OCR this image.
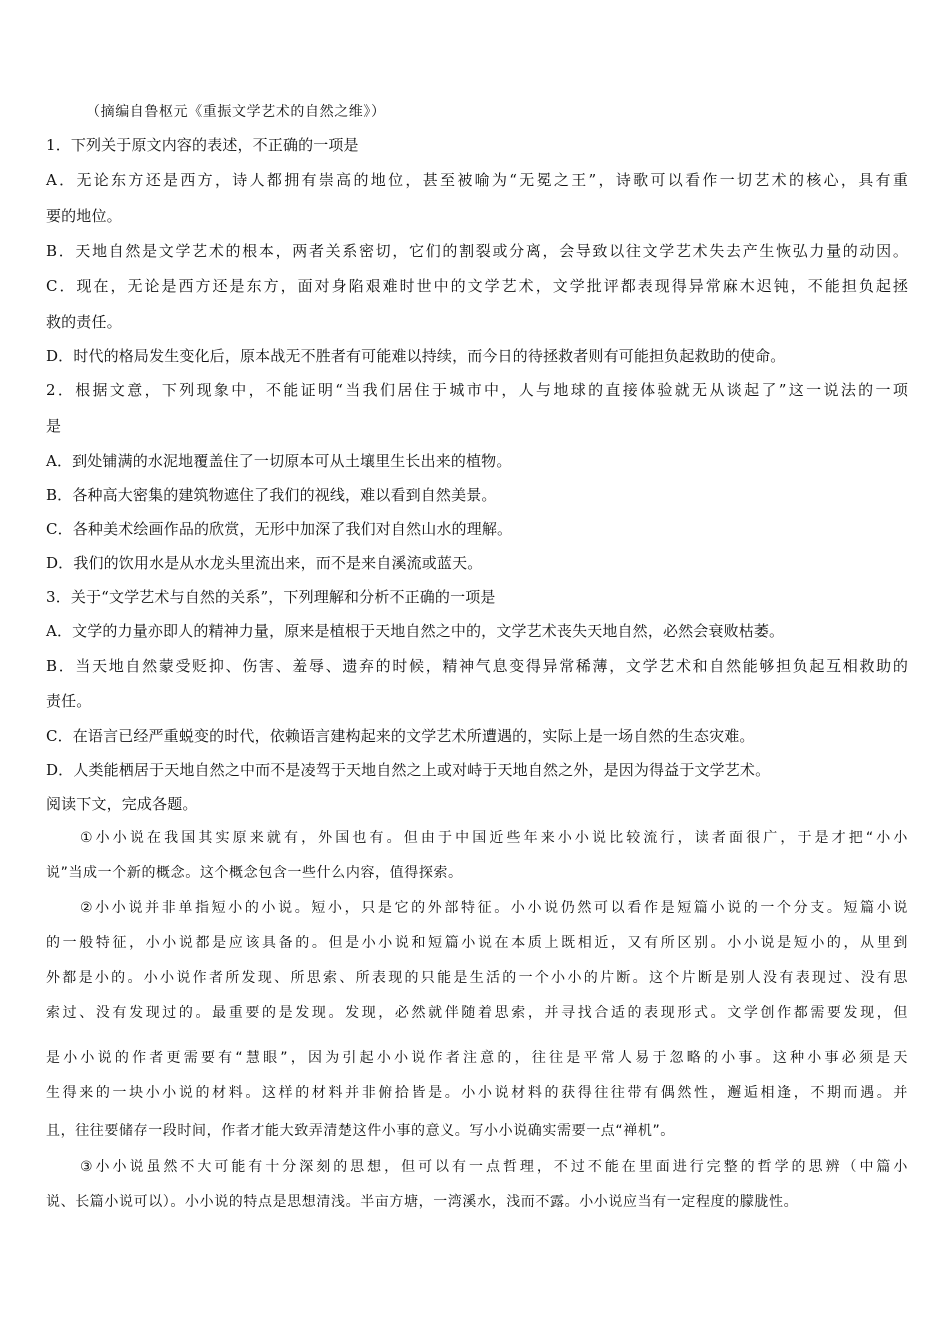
（摘编自鲁枢元《重振文学艺术的自然之维》）
1．下列关于原文内容的表述，不正确的一项是
A．无论东方还是西方，诗人都拥有崇高的地位，甚至被喻为“无冕之王”，诗歌可以看作一切艺术的核心，具有重
要的地位。
B．天地自然是文学艺术的根本，两者关系密切，它们的割裂或分离，会导致以往文学艺术失去产生恢弘力量的动因。
C．现在，无论是西方还是东方，面对身陷艰难时世中的文学艺术，文学批评都表现得异常麻木迟钝，不能担负起拯
救的责任。
D．时代的格局发生变化后，原本战无不胜者有可能难以持续，而今日的待拯救者则有可能担负起救助的使命。
2．根据文意，下列现象中，不能证明“当我们居住于城市中，人与地球的直接体验就无从谈起了”这一说法的一项
是
A．到处铺满的水泥地覆盖住了一切原本可从土壤里生长出来的植物。
B．各种高大密集的建筑物遮住了我们的视线，难以看到自然美景。
C．各种美术绘画作品的欣赏，无形中加深了我们对自然山水的理解。
D．我们的饮用水是从水龙头里流出来，而不是来自溪流或蓝天。
3．关于“文学艺术与自然的关系”，下列理解和分析不正确的一项是
A．文学的力量亦即人的精神力量，原来是植根于天地自然之中的，文学艺术丧失天地自然，必然会衰败枯萎。
B．当天地自然蒙受贬抑、伤害、羞辱、遗弃的时候，精神气息变得异常稀薄，文学艺术和自然能够担负起互相救助的
责任。
C．在语言已经严重蜕变的时代，依赖语言建构起来的文学艺术所遭遇的，实际上是一场自然的生态灾难。
D．人类能栖居于天地自然之中而不是凌驾于天地自然之上或对峙于天地自然之外，是因为得益于文学艺术。
阅读下文，完成各题。
①小小说在我国其实原来就有，外国也有。但由于中国近些年来小小说比较流行，读者面很广，于是才把“小小
说”当成一个新的概念。这个概念包含一些什么内容，值得探索。
②小小说并非单指短小的小说。短小，只是它的外部特征。小小说仍然可以看作是短篇小说的一个分支。短篇小说
的一般特征，小小说都是应该具备的。但是小小说和短篇小说在本质上既相近，又有所区别。小小说是短小的，从里到
外都是小的。小小说作者所发现、所思索、所表现的只能是生活的一个小小的片断。这个片断是别人没有表现过、没有思
索过、没有发现过的。最重要的是发现。发现，必然就伴随着思索，并寻找合适的表现形式。文学创作都需要发现，但
是小小说的作者更需要有“慧眼”，因为引起小小说作者注意的，往往是平常人易于忽略的小事。这种小事必须是天
生得来的一块小小说的材料。这样的材料并非俯拾皆是。小小说材料的获得往往带有偶然性，邂逅相逢，不期而遇。并
且，往往要储存一段时间，作者才能大致弄清楚这件小事的意义。写小小说确实需要一点“禅机”。
③小小说虽然不大可能有十分深刻的思想，但可以有一点哲理，不过不能在里面进行完整的哲学的思辨（中篇小
说、长篇小说可以）。小小说的特点是思想清浅。半亩方塘，一湾溪水，浅而不露。小小说应当有一定程度的朦胧性。
